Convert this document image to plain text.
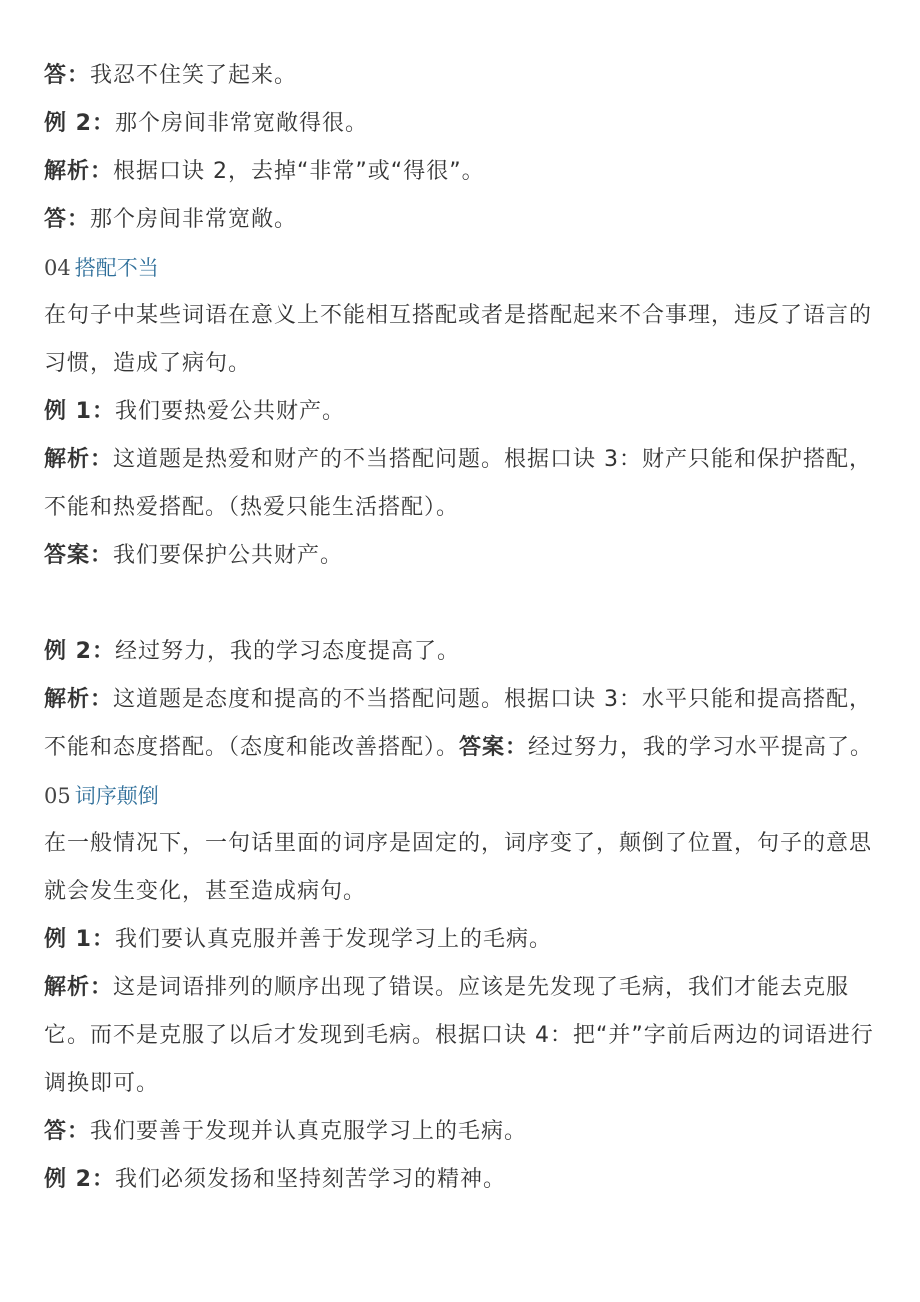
答：我忍不住笑了起来。

例 2：那个房间非常宽敞得很。

解析：根据口诀 2，去掉“非常”或“得很”。

答：那个房间非常宽敞。

04 搭配不当

在句子中某些词语在意义上不能相互搭配或者是搭配起来不合事理，违反了语言的习惯，造成了病句。

例 1：我们要热爱公共财产。

解析：这道题是热爱和财产的不当搭配问题。根据口诀 3：财产只能和保护搭配，不能和热爱搭配。（热爱只能生活搭配）。

答案：我们要保护公共财产。

例 2：经过努力，我的学习态度提高了。

解析：这道题是态度和提高的不当搭配问题。根据口诀 3：水平只能和提高搭配，不能和态度搭配。（态度和能改善搭配）。答案：经过努力，我的学习水平提高了。

05 词序颠倒

在一般情况下，一句话里面的词序是固定的，词序变了，颠倒了位置，句子的意思就会发生变化，甚至造成病句。

例 1：我们要认真克服并善于发现学习上的毛病。

解析：这是词语排列的顺序出现了错误。应该是先发现了毛病，我们才能去克服它。而不是克服了以后才发现到毛病。根据口诀 4：把“并”字前后两边的词语进行调换即可。

答：我们要善于发现并认真克服学习上的毛病。

例 2：我们必须发扬和坚持刻苦学习的精神。
